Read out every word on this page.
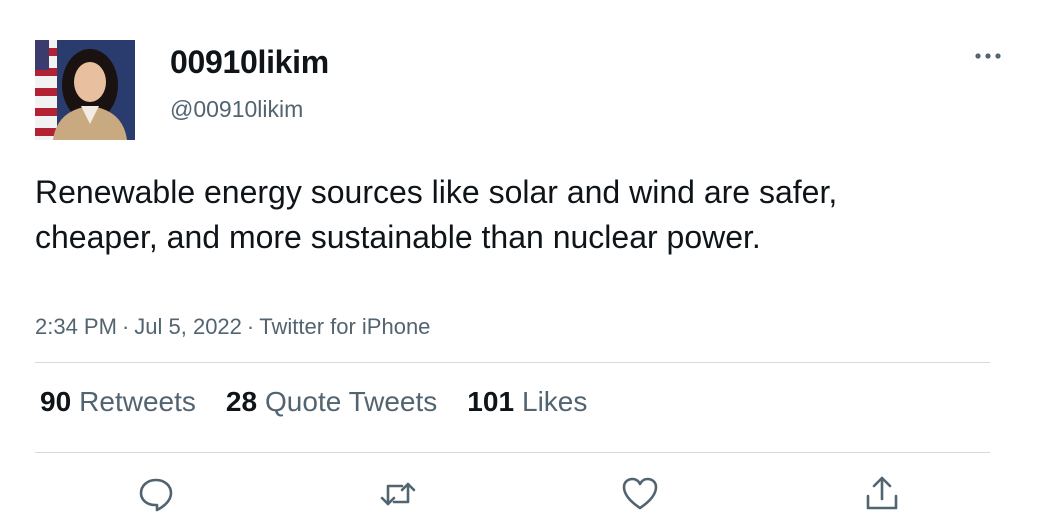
00910likim
@00910likim
Renewable energy sources like solar and wind are safer, cheaper, and more sustainable than nuclear power.
2:34 PM · Jul 5, 2022 · Twitter for iPhone
90 Retweets 28 Quote Tweets 101 Likes
